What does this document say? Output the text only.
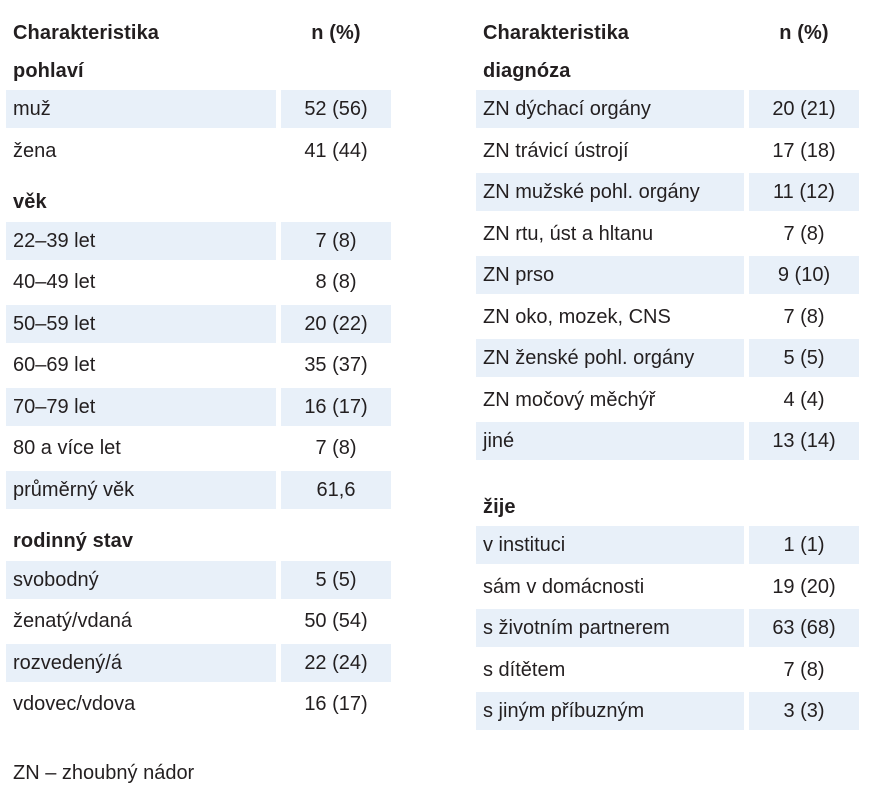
Charakteristika	n (%)
pohlaví
muž	52 (56)
žena	41 (44)
věk
22–39 let	7 (8)
40–49 let	8 (8)
50–59 let	20 (22)
60–69 let	35 (37)
70–79 let	16 (17)
80 a více let	7 (8)
průměrný věk	61,6
rodinný stav
svobodný	5 (5)
ženatý/vdaná	50 (54)
rozvedený/á	22 (24)
vdovec/vdova	16 (17)
Charakteristika	n (%)
diagnóza
ZN dýchací orgány	20 (21)
ZN trávicí ústrojí	17 (18)
ZN mužské pohl. orgány	11 (12)
ZN rtu, úst a hltanu	7 (8)
ZN prso	9 (10)
ZN oko, mozek, CNS	7 (8)
ZN ženské pohl. orgány	5 (5)
ZN močový měchýř	4 (4)
jiné	13 (14)
žije
v instituci	1 (1)
sám v domácnosti	19 (20)
s životním partnerem	63 (68)
s dítětem	7 (8)
s jiným příbuzným	3 (3)
ZN – zhoubný nádor
